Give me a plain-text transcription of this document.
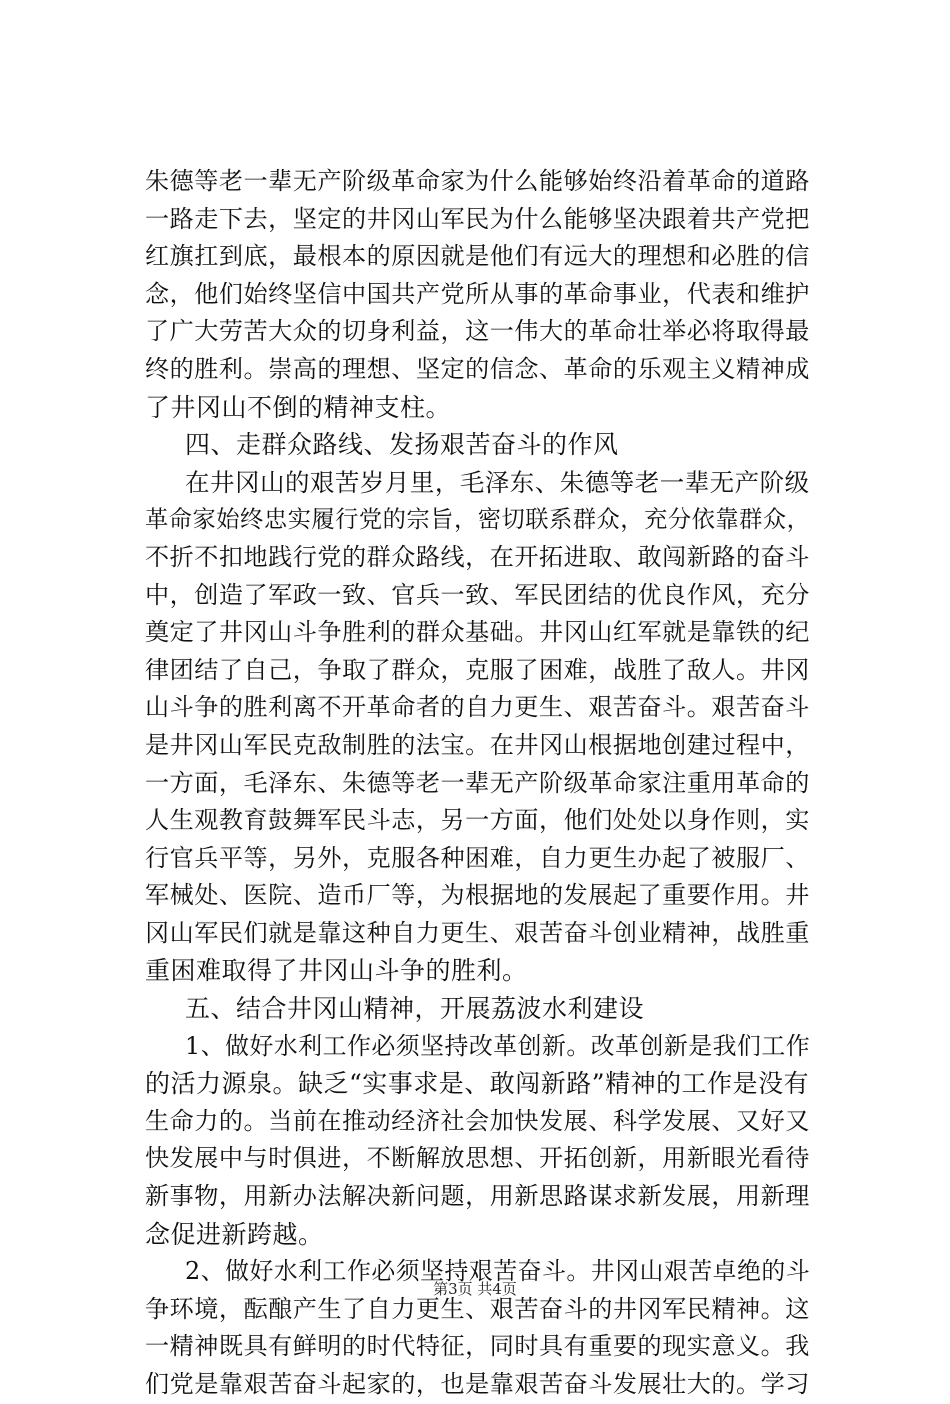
朱德等老一辈无产阶级革命家为什么能够始终沿着革命的道路
一路走下去，坚定的井冈山军民为什么能够坚决跟着共产党把
红旗扛到底，最根本的原因就是他们有远大的理想和必胜的信
念，他们始终坚信中国共产党所从事的革命事业，代表和维护
了广大劳苦大众的切身利益，这一伟大的革命壮举必将取得最
终的胜利。崇高的理想、坚定的信念、革命的乐观主义精神成
了井冈山不倒的精神支柱。
四、走群众路线、发扬艰苦奋斗的作风
在井冈山的艰苦岁月里，毛泽东、朱德等老一辈无产阶级
革命家始终忠实履行党的宗旨，密切联系群众，充分依靠群众，
不折不扣地践行党的群众路线，在开拓进取、敢闯新路的奋斗
中，创造了军政一致、官兵一致、军民团结的优良作风，充分
奠定了井冈山斗争胜利的群众基础。井冈山红军就是靠铁的纪
律团结了自己，争取了群众，克服了困难，战胜了敌人。井冈
山斗争的胜利离不开革命者的自力更生、艰苦奋斗。艰苦奋斗
是井冈山军民克敌制胜的法宝。在井冈山根据地创建过程中，
一方面，毛泽东、朱德等老一辈无产阶级革命家注重用革命的
人生观教育鼓舞军民斗志，另一方面，他们处处以身作则，实
行官兵平等，另外，克服各种困难，自力更生办起了被服厂、
军械处、医院、造币厂等，为根据地的发展起了重要作用。井
冈山军民们就是靠这种自力更生、艰苦奋斗创业精神，战胜重
重困难取得了井冈山斗争的胜利。
五、结合井冈山精神，开展荔波水利建设
1、做好水利工作必须坚持改革创新。改革创新是我们工作
的活力源泉。缺乏“实事求是、敢闯新路”精神的工作是没有
生命力的。当前在推动经济社会加快发展、科学发展、又好又
快发展中与时俱进，不断解放思想、开拓创新，用新眼光看待
新事物，用新办法解决新问题，用新思路谋求新发展，用新理
念促进新跨越。
2、做好水利工作必须坚持艰苦奋斗。井冈山艰苦卓绝的斗
争环境，酝酿产生了自力更生、艰苦奋斗的井冈军民精神。这
一精神既具有鲜明的时代特征，同时具有重要的现实意义。我
们党是靠艰苦奋斗起家的，也是靠艰苦奋斗发展壮大的。学习
第3页 共4页
